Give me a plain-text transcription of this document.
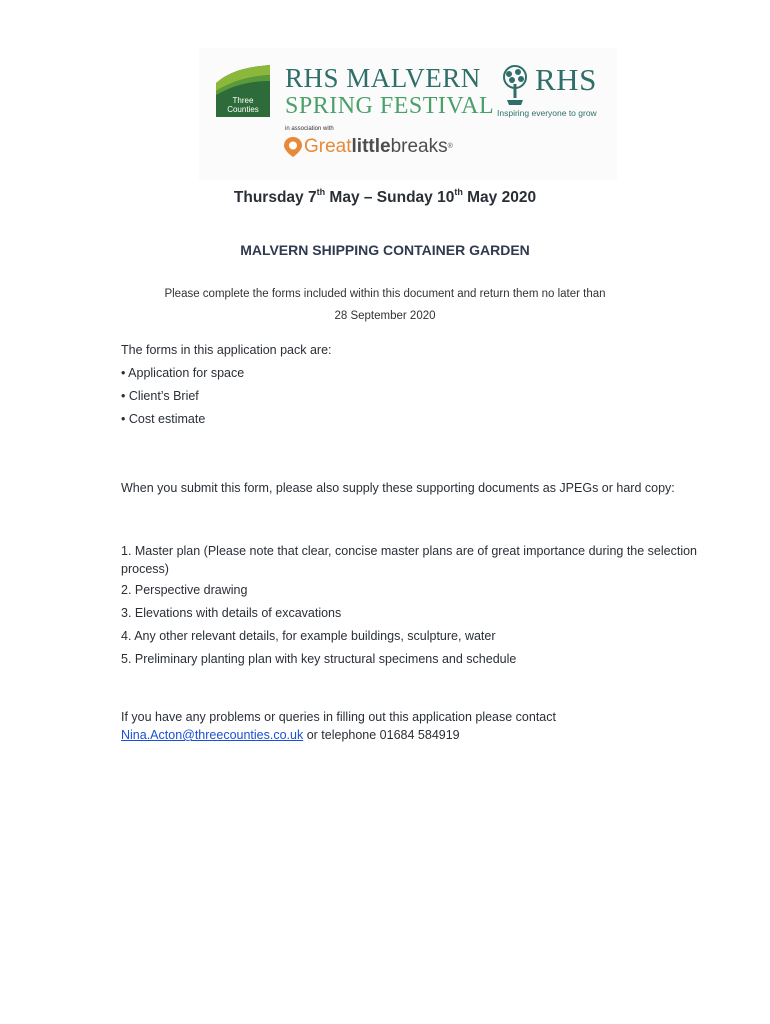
Three
Counties
RHS MALVERN
SPRING FESTIVAL
in association with
Greatlittlebreaks®
RHS
Inspiring everyone to grow
Thursday 7th May – Sunday 10th May 2020
MALVERN SHIPPING CONTAINER GARDEN
Please complete the forms included within this document and return them no later than
28 September 2020
The forms in this application pack are:
• Application for space
• Client’s Brief
• Cost estimate
When you submit this form, please also supply these supporting documents as JPEGs or hard copy:
1. Master plan (Please note that clear, concise master plans are of great importance during the selection process)
2. Perspective drawing
3. Elevations with details of excavations
4. Any other relevant details, for example buildings, sculpture, water
5. Preliminary planting plan with key structural specimens and schedule
If you have any problems or queries in filling out this application please contact
Nina.Acton@threecounties.co.uk or telephone 01684 584919
